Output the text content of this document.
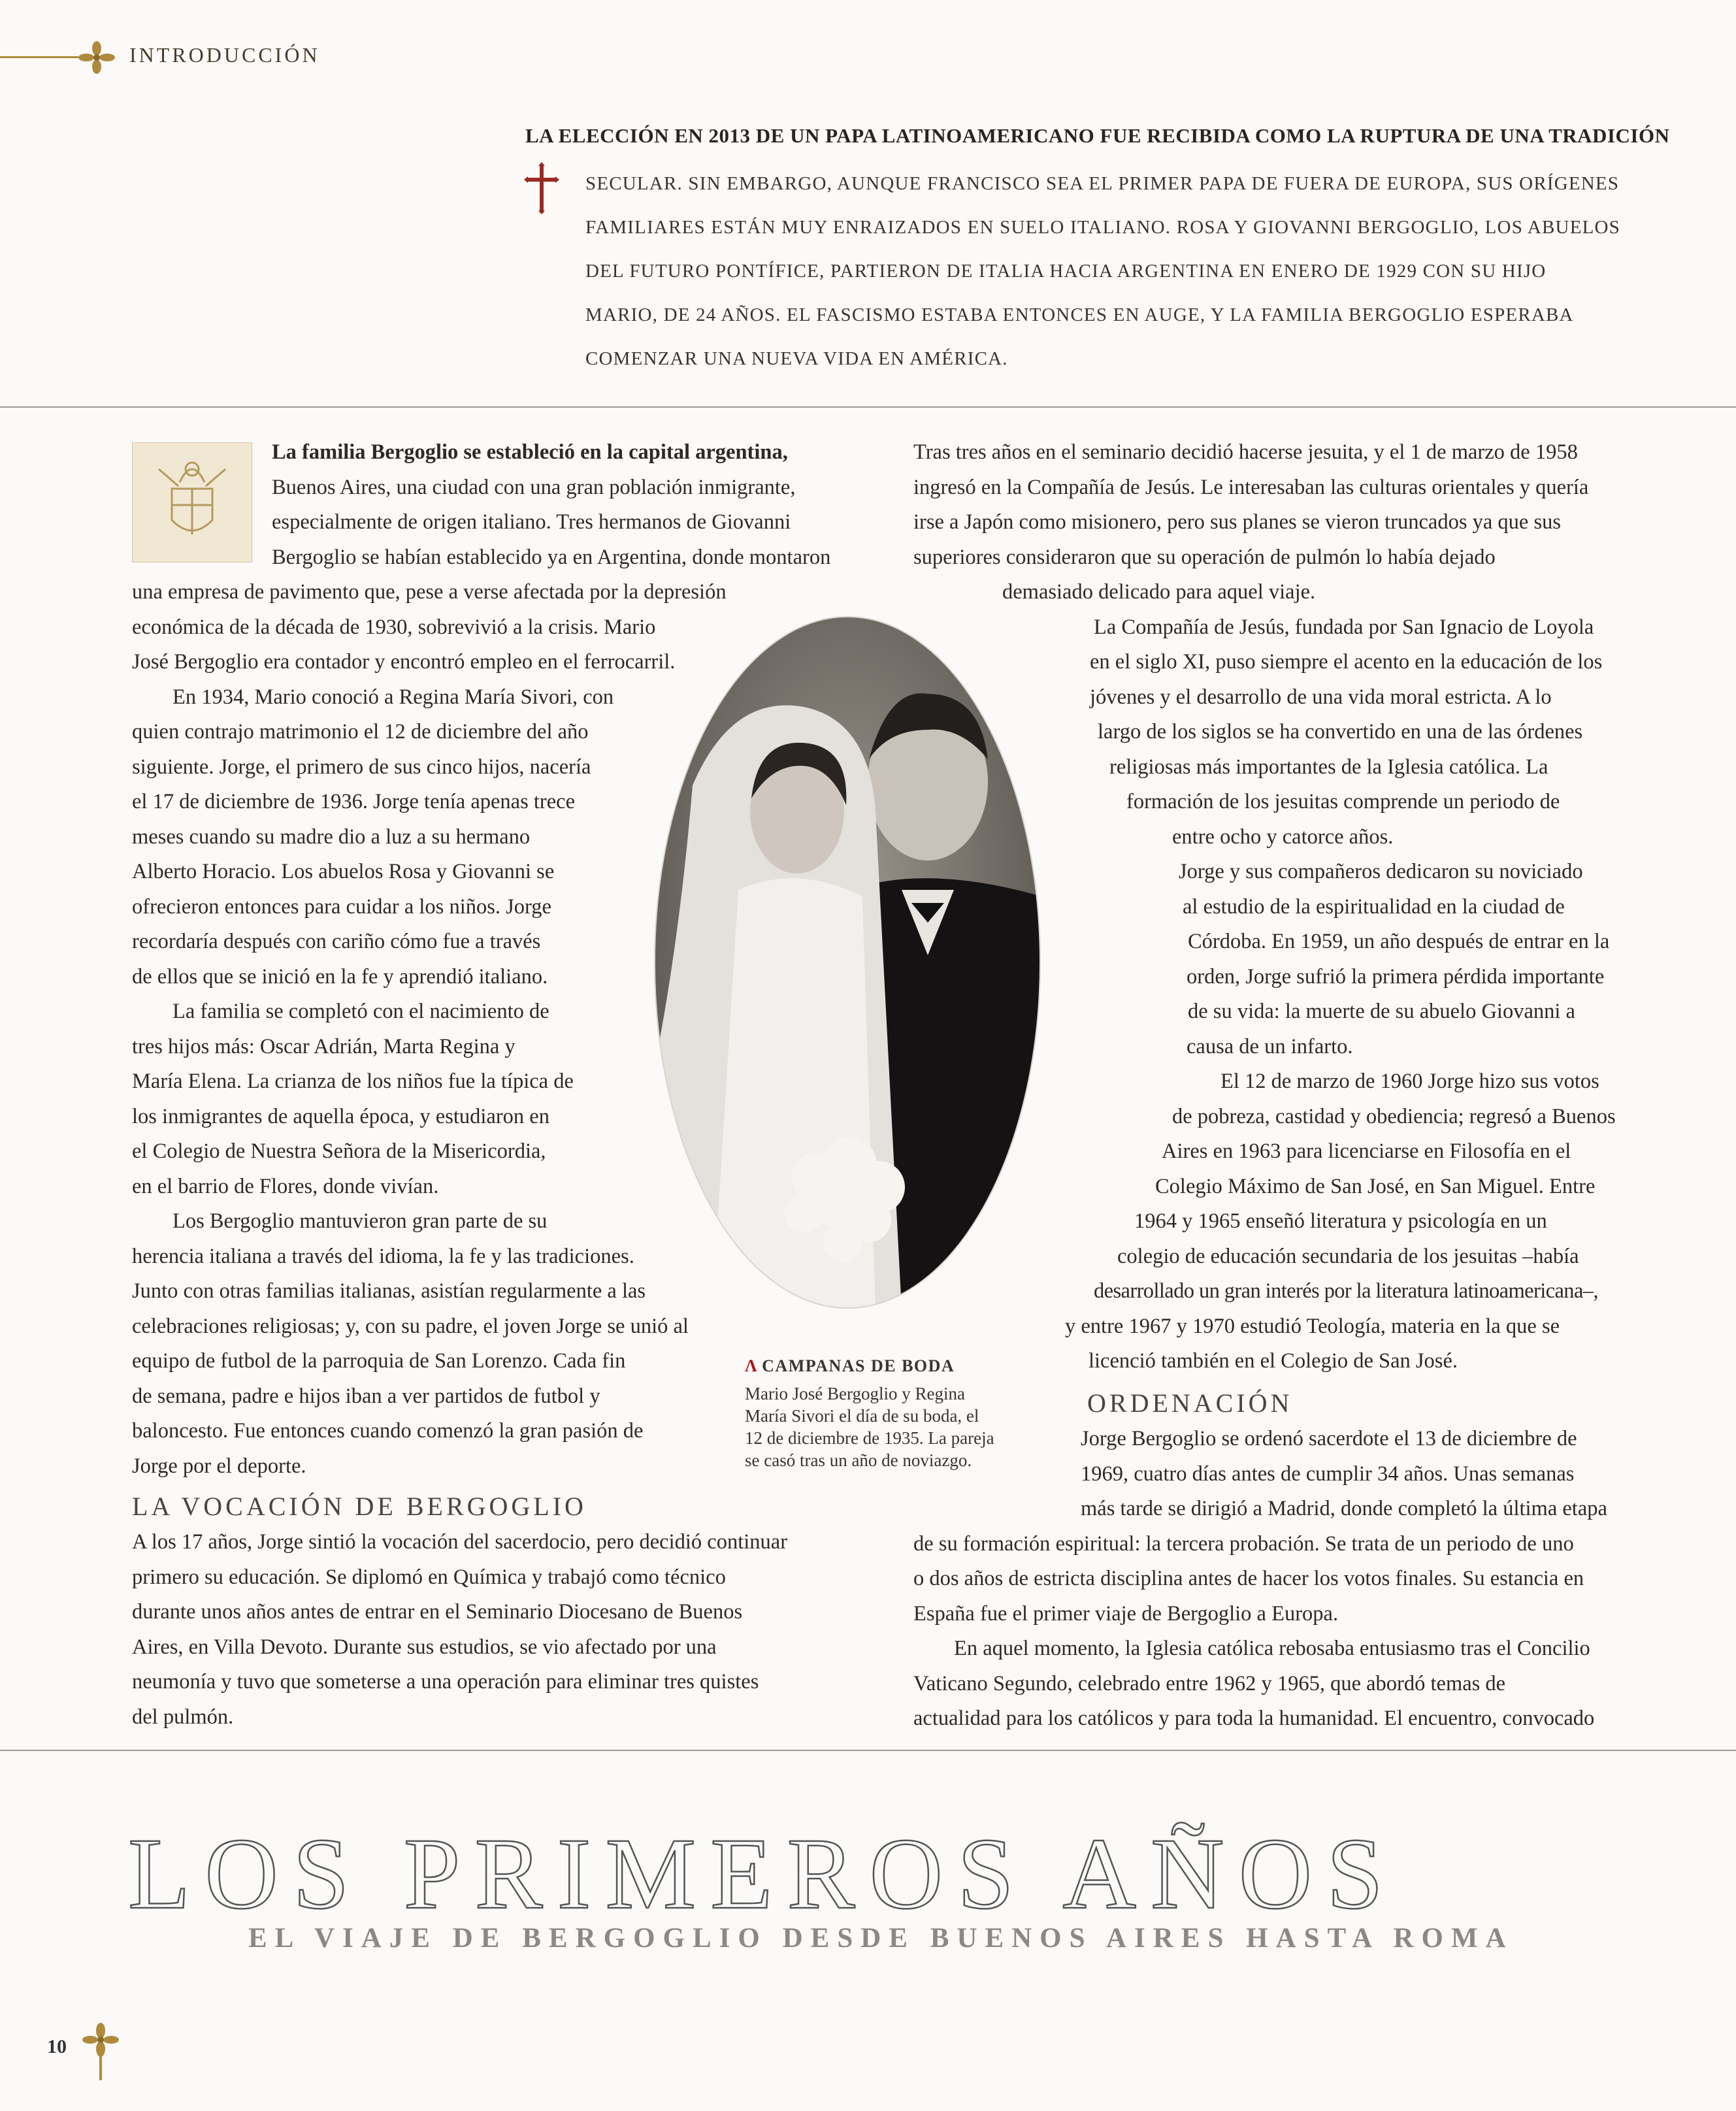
INTRODUCCIÓN
LA ELECCIÓN EN 2013 DE UN PAPA LATINOAMERICANO FUE RECIBIDA COMO LA RUPTURA DE UNA TRADICIÓN
SECULAR. SIN EMBARGO, AUNQUE FRANCISCO SEA EL PRIMER PAPA DE FUERA DE EUROPA, SUS ORÍGENES
FAMILIARES ESTÁN MUY ENRAIZADOS EN SUELO ITALIANO. ROSA Y GIOVANNI BERGOGLIO, LOS ABUELOS
DEL FUTURO PONTÍFICE, PARTIERON DE ITALIA HACIA ARGENTINA EN ENERO DE 1929 CON SU HIJO
MARIO, DE 24 AÑOS. EL FASCISMO ESTABA ENTONCES EN AUGE, Y LA FAMILIA BERGOGLIO ESPERABA
COMENZAR UNA NUEVA VIDA EN AMÉRICA.

La familia Bergoglio se estableció en la capital argentina,

Buenos Aires, una ciudad con una gran población inmigrante,

especialmente de origen italiano. Tres hermanos de Giovanni

Bergoglio se habían establecido ya en Argentina, donde montaron

una empresa de pavimento que, pese a verse afectada por la depresión

económica de la década de 1930, sobrevivió a la crisis. Mario

José Bergoglio era contador y encontró empleo en el ferrocarril.

En 1934, Mario conoció a Regina María Sivori, con

quien contrajo matrimonio el 12 de diciembre del año

siguiente. Jorge, el primero de sus cinco hijos, nacería

el 17 de diciembre de 1936. Jorge tenía apenas trece

meses cuando su madre dio a luz a su hermano

Alberto Horacio. Los abuelos Rosa y Giovanni se

ofrecieron entonces para cuidar a los niños. Jorge

recordaría después con cariño cómo fue a través

de ellos que se inició en la fe y aprendió italiano.

La familia se completó con el nacimiento de

tres hijos más: Oscar Adrián, Marta Regina y

María Elena. La crianza de los niños fue la típica de

los inmigrantes de aquella época, y estudiaron en

el Colegio de Nuestra Señora de la Misericordia,

en el barrio de Flores, donde vivían.

Los Bergoglio mantuvieron gran parte de su

herencia italiana a través del idioma, la fe y las tradiciones.

Junto con otras familias italianas, asistían regularmente a las

celebraciones religiosas; y, con su padre, el joven Jorge se unió al

equipo de futbol de la parroquia de San Lorenzo. Cada fin

de semana, padre e hijos iban a ver partidos de futbol y

baloncesto. Fue entonces cuando comenzó la gran pasión de

Jorge por el deporte.

LA VOCACIÓN DE BERGOGLIO

A los 17 años, Jorge sintió la vocación del sacerdocio, pero decidió continuar

primero su educación. Se diplomó en Química y trabajó como técnico

durante unos años antes de entrar en el Seminario Diocesano de Buenos

Aires, en Villa Devoto. Durante sus estudios, se vio afectado por una

neumonía y tuvo que someterse a una operación para eliminar tres quistes

del pulmón.

Λ CAMPANAS DE BODA
Mario José Bergoglio y Regina
María Sivori el día de su boda, el
12 de diciembre de 1935. La pareja
se casó tras un año de noviazgo.

Tras tres años en el seminario decidió hacerse jesuita, y el 1 de marzo de 1958

ingresó en la Compañía de Jesús. Le interesaban las culturas orientales y quería

irse a Japón como misionero, pero sus planes se vieron truncados ya que sus

superiores consideraron que su operación de pulmón lo había dejado

demasiado delicado para aquel viaje.

La Compañía de Jesús, fundada por San Ignacio de Loyola

en el siglo XI, puso siempre el acento en la educación de los

jóvenes y el desarrollo de una vida moral estricta. A lo

largo de los siglos se ha convertido en una de las órdenes

religiosas más importantes de la Iglesia católica. La

formación de los jesuitas comprende un periodo de

entre ocho y catorce años.

Jorge y sus compañeros dedicaron su noviciado

al estudio de la espiritualidad en la ciudad de

Córdoba. En 1959, un año después de entrar en la

orden, Jorge sufrió la primera pérdida importante

de su vida: la muerte de su abuelo Giovanni a

causa de un infarto.

El 12 de marzo de 1960 Jorge hizo sus votos

de pobreza, castidad y obediencia; regresó a Buenos

Aires en 1963 para licenciarse en Filosofía en el

Colegio Máximo de San José, en San Miguel. Entre

1964 y 1965 enseñó literatura y psicología en un

colegio de educación secundaria de los jesuitas –había

desarrollado un gran interés por la literatura latinoamericana–,

y entre 1967 y 1970 estudió Teología, materia en la que se

licenció también en el Colegio de San José.

ORDENACIÓN

Jorge Bergoglio se ordenó sacerdote el 13 de diciembre de

1969, cuatro días antes de cumplir 34 años. Unas semanas

más tarde se dirigió a Madrid, donde completó la última etapa

de su formación espiritual: la tercera probación. Se trata de un periodo de uno

o dos años de estricta disciplina antes de hacer los votos finales. Su estancia en

España fue el primer viaje de Bergoglio a Europa.

En aquel momento, la Iglesia católica rebosaba entusiasmo tras el Concilio

Vaticano Segundo, celebrado entre 1962 y 1965, que abordó temas de

actualidad para los católicos y para toda la humanidad. El encuentro, convocado

LOS PRIMEROS AÑOS
EL VIAJE DE BERGOGLIO DESDE BUENOS AIRES HASTA ROMA
10
